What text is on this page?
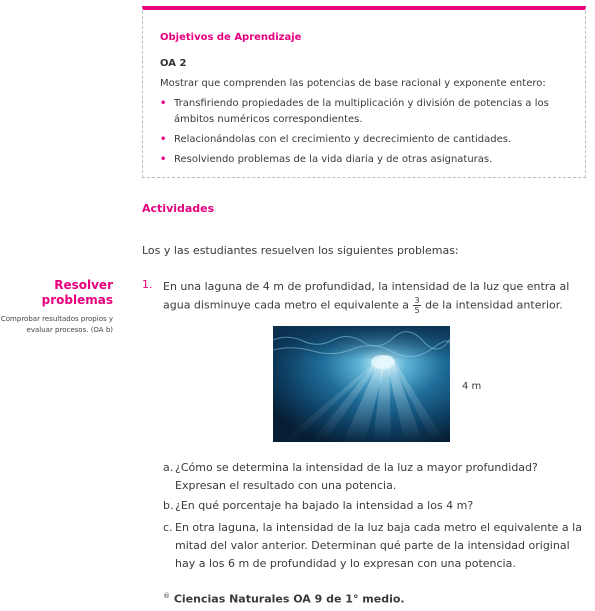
Objetivos de Aprendizaje
OA 2
Mostrar que comprenden las potencias de base racional y exponente entero:
• Transfiriendo propiedades de la multiplicación y división de potencias a los ámbitos numéricos correspondientes.
• Relacionándolas con el crecimiento y decrecimiento de cantidades.
• Resolviendo problemas de la vida diaria y de otras asignaturas.
Actividades
Los y las estudiantes resuelven los siguientes problemas:
Resolver problemas
Comprobar resultados propios y evaluar procesos. (OA b)
1. En una laguna de 4 m de profundidad, la intensidad de la luz que entra al agua disminuye cada metro el equivalente a $\frac{3}{5}$ de la intensidad anterior.
4 m
a. ¿Cómo se determina la intensidad de la luz a mayor profundidad? Expresan el resultado con una potencia.
b. ¿En qué porcentaje ha bajado la intensidad a los 4 m?
c. En otra laguna, la intensidad de la luz baja cada metro el equivalente a la mitad del valor anterior. Determinan qué parte de la intensidad original hay a los 6 m de profundidad y lo expresan con una potencia.
® Ciencias Naturales OA 9 de 1° medio.
